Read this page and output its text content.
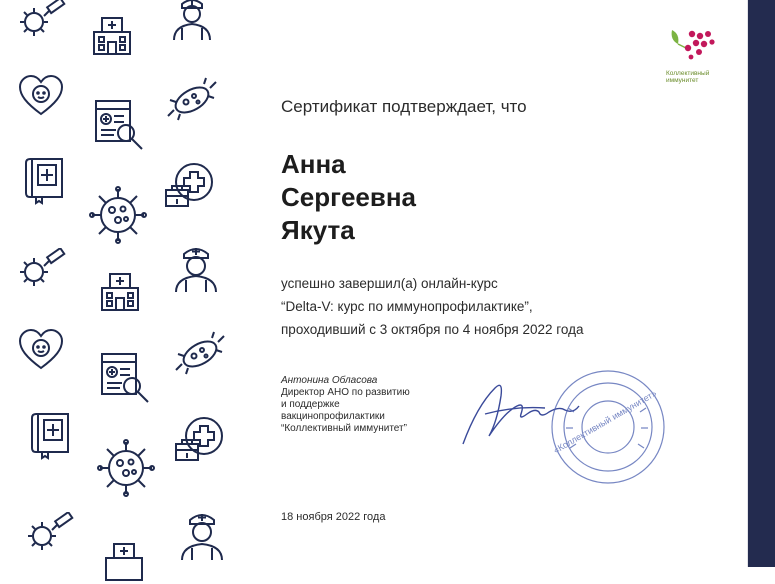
Коллективный
иммунитет
Сертификат подтверждает, что
Анна
Сергеевна
Якута
успешно завершил(а) онлайн-курс
“Delta-V: курс по иммунопрофилактике”,
проходивший с 3 октября по 4 ноября 2022 года
Антонина Обласова
Директор АНО по развитию
и поддержке
вакцинопрофилактики
“Коллективный иммунитет”	«Коллективный иммунитет»
18 ноября 2022 года
